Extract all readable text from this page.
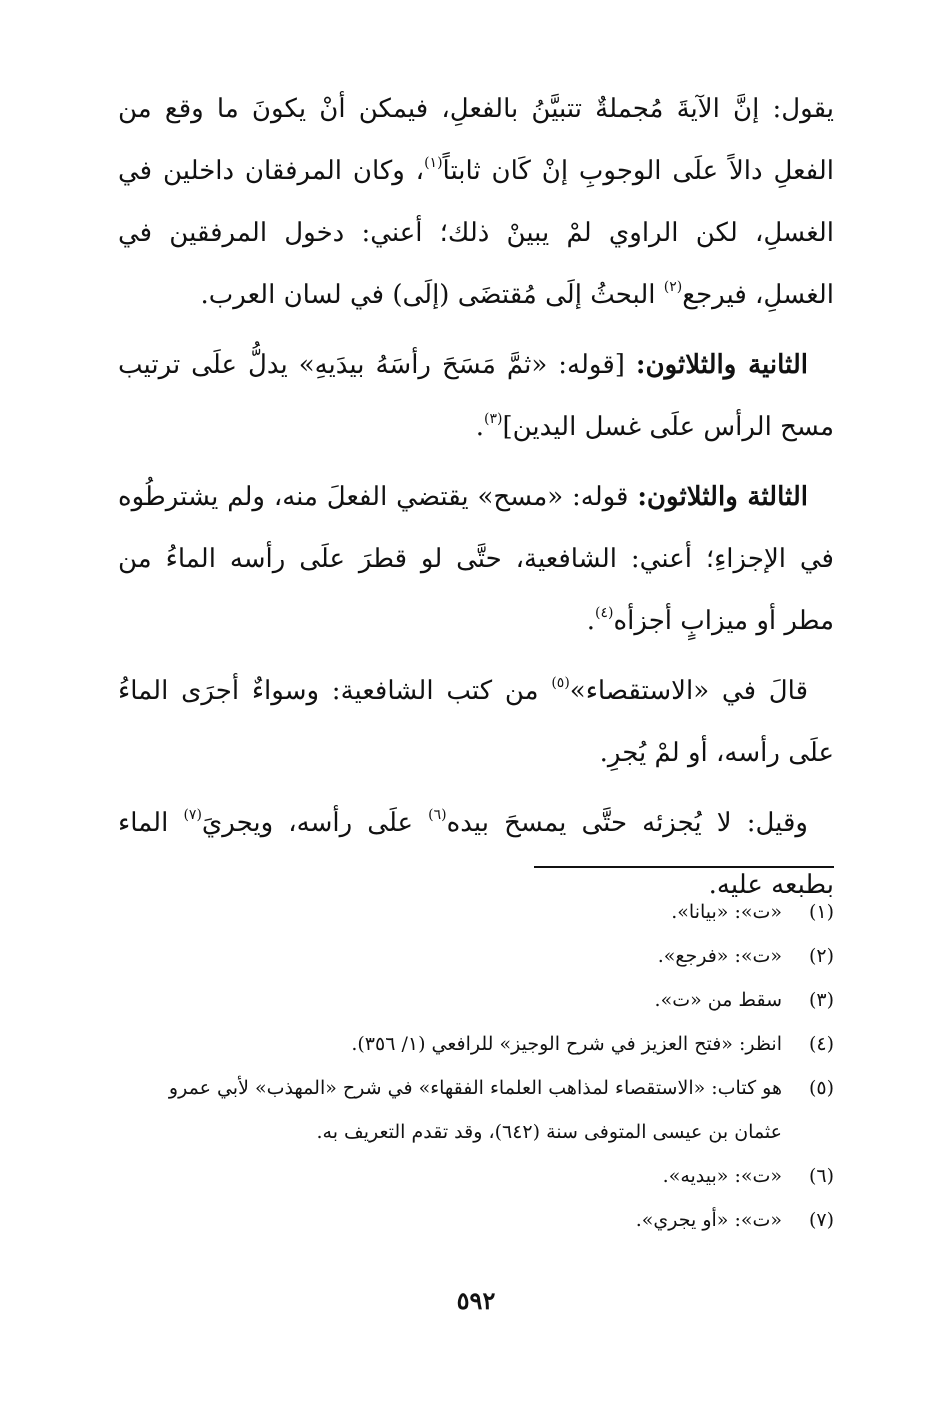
يقول: إنَّ الآيةَ مُجملةٌ تتبيَّنُ بالفعلِ، فيمكن أنْ يكونَ ما وقع من الفعلِ دالاً علَى الوجوبِ إنْ كَان ثابتاً$^{(١)}$، وكان المرفقان داخلين في الغسلِ، لكن الراوي لمْ يبينْ ذلك؛ أعني: دخول المرفقين في الغسلِ، فيرجع$^{(٢)}$ البحثُ إلَى مُقتضَى (إلَى) في لسان العرب.

الثانية والثلاثون: [قوله: «ثمَّ مَسَحَ رأسَهُ بيدَيهِ» يدلُّ علَى ترتيب مسح الرأس علَى غسل اليدين]$^{(٣)}$.

الثالثة والثلاثون: قوله: «مسح» يقتضي الفعلَ منه، ولم يشترطُوه في الإجزاءِ؛ أعني: الشافعية، حتَّى لو قطرَ علَى رأسه الماءُ من مطر أو ميزابٍ أجزأه$^{(٤)}$.

قالَ في «الاستقصاء»$^{(٥)}$ من كتب الشافعية: وسواءٌ أجرَى الماءُ علَى رأسه، أو لمْ يُجرِ.

وقيل: لا يُجزئه حتَّى يمسحَ بيده$^{(٦)}$ علَى رأسه، ويجريَ$^{(٧)}$ الماء بطبعه عليه.

(١)
«ت»: «بيانا».
(٢)
«ت»: «فرجع».
(٣)
سقط من «ت».
(٤)
انظر: «فتح العزيز في شرح الوجيز» للرافعي (١/ ٣٥٦).
(٥)
هو كتاب: «الاستقصاء لمذاهب العلماء الفقهاء» في شرح «المهذب» لأبي عمرو عثمان بن عيسى المتوفى سنة (٦٤٢)، وقد تقدم التعريف به.
(٦)
«ت»: «بيديه».
(٧)
«ت»: «أو يجري».
٥٩٢
